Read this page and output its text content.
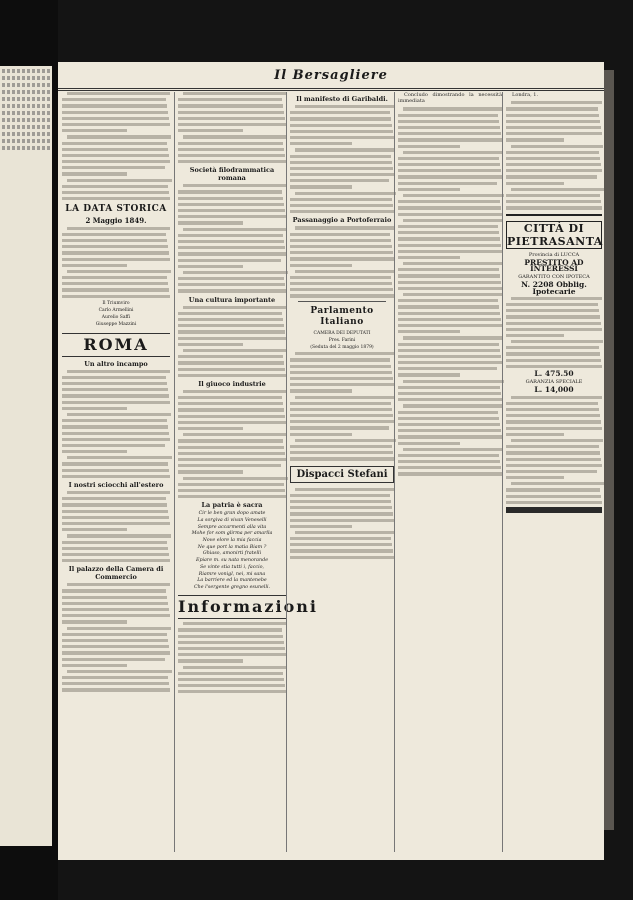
Il Bersagliere
LA DATA STORICA
2 Maggio 1849.
Il Triumviro
Carlo Armellini
Aurelio Saffi
Giuseppe Mazzini
ROMA
Un altro incampo
I nostri sciocchi all'estero
Il palazzo della Camera di Commercio
Società filodrammatica romana
Una cultura importante
Il giuoco industrie
La patria è sacra
Cir le ben gran dopo amate
La sorgiva di vivan Veneselli
Sempre accarmenti alla vita
Mohe for som glirma per amarlla
Nove elore la mia faccia
Ne que port la matia Biam ?
Ghiaso, amonirti fratelli
Epiare m. su nata menorande
Se vinte stia tutti i, faccio,
Riamre vonigl, nei, mi sana
La barriere ed la mantenebe
Che l'sergente gregno esunelli.
Informazioni
Il manifesto di Garibaldi.
Passanaggio a Portoferraio
Parlamento Italiano
CAMERA DEI DEPUTATI
Pres. Farini
(Seduta del 2 maggio 1879)
Dispacci Stefani

Concludo dimostrando la necessità immediata

Londra, 1.

CITTÀ DI PIETRASANTA
Provincia di LUCCA
PRESTITO AD INTERESSI
GARANTITO CON IPOTECA
N. 2208 Obblig. Ipotecarie
L. 475.50
GARANZIA SPECIALE
L. 14,000
